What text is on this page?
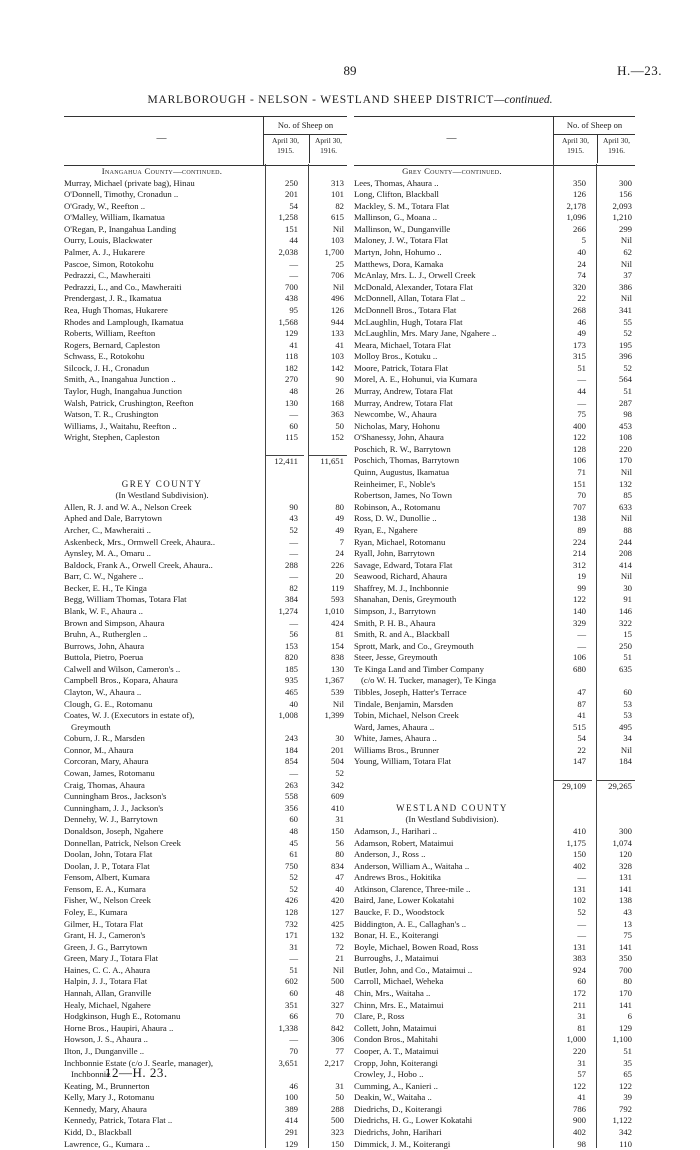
89	H.—23.
MARLBOROUGH - NELSON - WESTLAND SHEEP DISTRICT—continued.
—
No. of Sheep on
April 30, 1915.
April 30, 1916.
Inangahua County—continued.
Murray, Michael (private bag), Hinau	250	313
O'Donnell, Timothy, Cronadun ..	201	101
O'Grady, W., Reefton ..	54	82
O'Malley, William, Ikamatua	1,258	615
O'Regan, P., Inangahua Landing	151	Nil
Ourry, Louis, Blackwater	44	103
Palmer, A. J., Hukarere	2,038	1,700
Pascoe, Simon, Rotokohu	—	25
Pedrazzi, C., Mawheraiti	—	706
Pedrazzi, L., and Co., Mawheraiti	700	Nil
Prendergast, J. R., Ikamatua	438	496
Rea, Hugh Thomas, Hukarere	95	126
Rhodes and Lamplough, Ikamatua	1,568	944
Roberts, William, Reefton	129	133
Rogers, Bernard, Capleston	41	41
Schwass, E., Rotokohu	118	103
Silcock, J. H., Cronadun	182	142
Smith, A., Inangahua Junction ..	270	90
Taylor, Hugh, Inangahua Junction	48	26
Walsh, Patrick, Crushington, Reefton	130	168
Watson, T. R., Crushington	—	363
Williams, J., Waitahu, Reefton ..	60	50
Wright, Stephen, Capleston	115	152
12,411	11,651
GREY COUNTY
(In Westland Subdivision).
Allen, R. J. and W. A., Nelson Creek	90	80
Aphed and Dale, Barrytown	43	49
Archer, C., Mawheraiti ..	52	49
Askenbeck, Mrs., Ormwell Creek, Ahaura..	—	7
Aynsley, M. A., Omaru ..	—	24
Baldock, Frank A., Orwell Creek, Ahaura..	288	226
Barr, C. W., Ngahere ..	—	20
Becker, E. H., Te Kinga	82	119
Begg, William Thomas, Totara Flat	384	593
Blank, W. F., Ahaura ..	1,274	1,010
Brown and Simpson, Ahaura	—	424
Bruhn, A., Rutherglen ..	56	81
Burrows, John, Ahaura	153	154
Buttola, Pietro, Poerua	820	838
Calwell and Wilson, Cameron's ..	185	130
Campbell Bros., Kopara, Ahaura	935	1,367
Clayton, W., Ahaura ..	465	539
Clough, G. E., Rotomanu	40	Nil
Coates, W. J. (Executors in estate of),	1,008	1,399
Greymouth
Coburn, J. R., Marsden	243	30
Connor, M., Ahaura	184	201
Corcoran, Mary, Ahaura	854	504
Cowan, James, Rotomanu	—	52
Craig, Thomas, Ahaura	263	342
Cunningham Bros., Jackson's	558	609
Cunningham, J. J., Jackson's	356	410
Dennehy, W. J., Barrytown	60	31
Donaldson, Joseph, Ngahere	48	150
Donnellan, Patrick, Nelson Creek	45	56
Doolan, John, Totara Flat	61	80
Doolan, J. P., Totara Flat	750	834
Fensom, Albert, Kumara	52	47
Fensom, E. A., Kumara	52	40
Fisher, W., Nelson Creek	426	420
Foley, E., Kumara	128	127
Gilmer, H., Totara Flat	732	425
Grant, H. J., Cameron's	171	132
Green, J. G., Barrytown	31	72
Green, Mary J., Totara Flat	—	21
Haines, C. C. A., Ahaura	51	Nil
Halpin, J. J., Totara Flat	602	500
Hannah, Allan, Granville	60	48
Healy, Michael, Ngahere	351	327
Hodgkinson, Hugh E., Rotomanu	66	70
Horne Bros., Haupiri, Ahaura ..	1,338	842
Howson, J. S., Ahaura ..	—	306
Ilton, J., Dunganville ..	70	77
Inchbonnie Estate (c/o J. Searle, manager),	3,651	2,217
Inchbonnie
Keating, M., Brunnerton	46	31
Kelly, Mary J., Rotomanu	100	50
Kennedy, Mary, Ahaura	389	288
Kennedy, Patrick, Totara Flat ..	414	500
Kidd, D., Blackball	291	323
Lawrence, G., Kumara ..	129	150
—
No. of Sheep on
April 30, 1915.
April 30, 1916.
Grey County—continued.
Lees, Thomas, Ahaura ..	350	300
Long, Clifton, Blackball	126	156
Mackley, S. M., Totara Flat	2,178	2,093
Mallinson, G., Moana ..	1,096	1,210
Mallinson, W., Dunganville	266	299
Maloney, J. W., Totara Flat	5	Nil
Martyn, John, Hohumo ..	40	62
Matthews, Dora, Kamaka	24	Nil
McAnlay, Mrs. L. J., Orwell Creek	74	37
McDonald, Alexander, Totara Flat	320	386
McDonnell, Allan, Totara Flat ..	22	Nil
McDonnell Bros., Totara Flat	268	341
McLaughlin, Hugh, Totara Flat	46	55
McLaughlin, Mrs. Mary Jane, Ngahere ..	49	52
Meara, Michael, Totara Flat	173	195
Molloy Bros., Kotuku ..	315	396
Moore, Patrick, Totara Flat	51	52
Morel, A. E., Hohunui, via Kumara	—	564
Murray, Andrew, Totara Flat	44	51
Murray, Andrew, Totara Flat	—	287
Newcombe, W., Ahaura	75	98
Nicholas, Mary, Hohonu	400	453
O'Shanessy, John, Ahaura	122	108
Poschich, R. W., Barrytown	128	220
Poschich, Thomas, Barrytown	106	170
Quinn, Augustus, Ikamatua	71	Nil
Reinheimer, F., Noble's	151	132
Robertson, James, No Town	70	85
Robinson, A., Rotomanu	707	633
Ross, D. W., Dunollie ..	138	Nil
Ryan, E., Ngahere	89	88
Ryan, Michael, Rotomanu	224	244
Ryall, John, Barrytown	214	208
Savage, Edward, Totara Flat	312	414
Seawood, Richard, Ahaura	19	Nil
Shaffrey, M. J., Inchbonnie	99	30
Shanahan, Denis, Greymouth	122	91
Simpson, J., Barrytown	140	146
Smith, P. H. B., Ahaura	329	322
Smith, R. and A., Blackball	—	15
Sprott, Mark, and Co., Greymouth	—	250
Steer, Jesse, Greymouth	106	51
Te Kinga Land and Timber Company	680	635
(c/o W. H. Tucker, manager), Te Kinga
Tibbles, Joseph, Hatter's Terrace	47	60
Tindale, Benjamin, Marsden	87	53
Tobin, Michael, Nelson Creek	41	53
Ward, James, Ahaura ..	515	495
White, James, Ahaura ..	54	34
Williams Bros., Brunner	22	Nil
Young, William, Totara Flat	147	184
29,109	29,265
WESTLAND COUNTY
(In Westland Subdivision).
Adamson, J., Harihari ..	410	300
Adamson, Robert, Mataimui	1,175	1,074
Anderson, J., Ross ..	150	120
Anderson, William A., Waitaha ..	402	328
Andrews Bros., Hokitika	—	131
Atkinson, Clarence, Three-mile ..	131	141
Baird, Jane, Lower Kokatahi	102	138
Baucke, F. D., Woodstock	52	43
Biddington, A. E., Callaghan's ..	—	13
Bonar, H. E., Koiterangi	—	75
Boyle, Michael, Bowen Road, Ross	131	141
Burroughs, J., Mataimui	383	350
Butler, John, and Co., Mataimui ..	924	700
Carroll, Michael, Weheka	60	80
Chin, Mrs., Waitaha ..	172	170
Chinn, Mrs. E., Mataimui	211	141
Clare, P., Ross	31	6
Collett, John, Mataimui	81	129
Condon Bros., Mahitahi	1,000	1,100
Cooper, A. T., Mataimui	220	51
Cropp, John, Koiterangi	31	35
Crowley, J., Hobo ..	57	65
Cumming, A., Kanieri ..	122	122
Deakin, W., Waitaha ..	41	39
Diedrichs, D., Koiterangi	786	792
Diedrichs, H. G., Lower Kokatahi	900	1,122
Diedrichs, John, Harihari	402	342
Dimmick, J. M., Koiterangi	98	110
12—H. 23.
